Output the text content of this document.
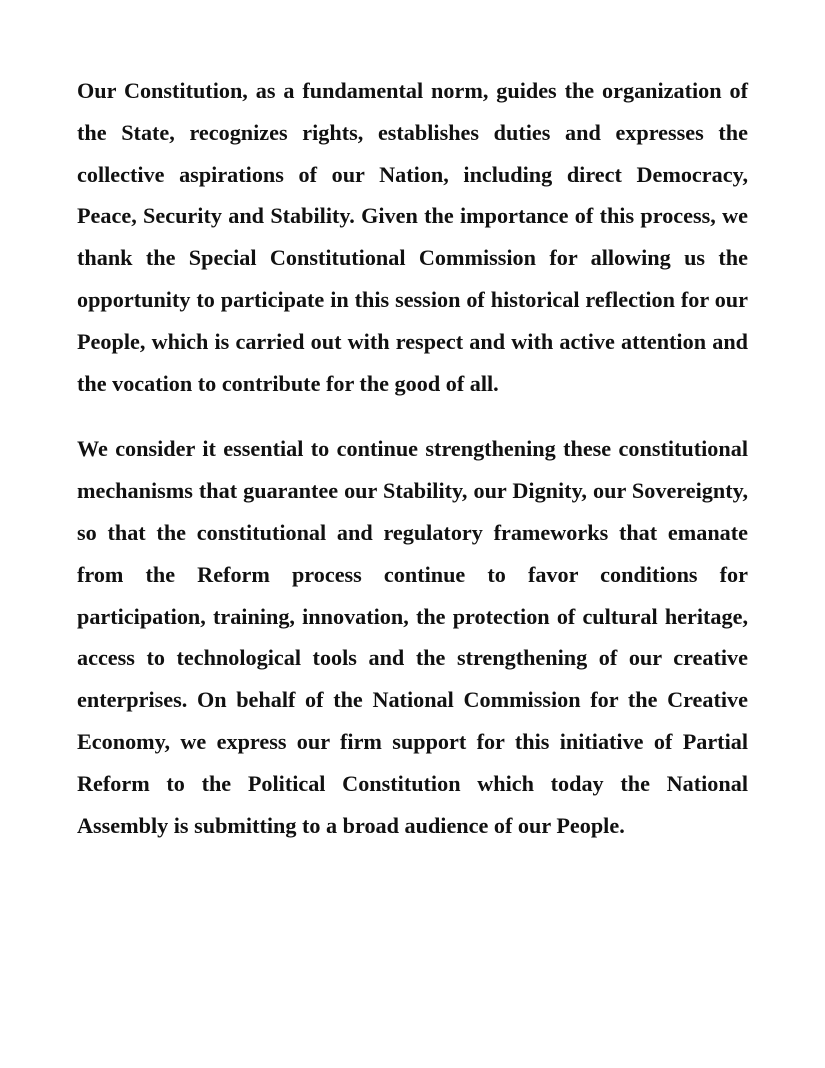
Our Constitution, as a fundamental norm, guides the organization of the State, recognizes rights, establishes duties and expresses the collective aspirations of our Nation, including direct Democracy, Peace, Security and Stability. Given the importance of this process, we thank the Special Constitutional Commission for allowing us the opportunity to participate in this session of historical reflection for our People, which is carried out with respect and with active attention and the vocation to contribute for the good of all.

We consider it essential to continue strengthening these constitutional mechanisms that guarantee our Stability, our Dignity, our Sovereignty, so that the constitutional and regulatory frameworks that emanate from the Reform process continue to favor conditions for participation, training, innovation, the protection of cultural heritage, access to technological tools and the strengthening of our creative enterprises. On behalf of the National Commission for the Creative Economy, we express our firm support for this initiative of Partial Reform to the Political Constitution which today the National Assembly is submitting to a broad audience of our People.
